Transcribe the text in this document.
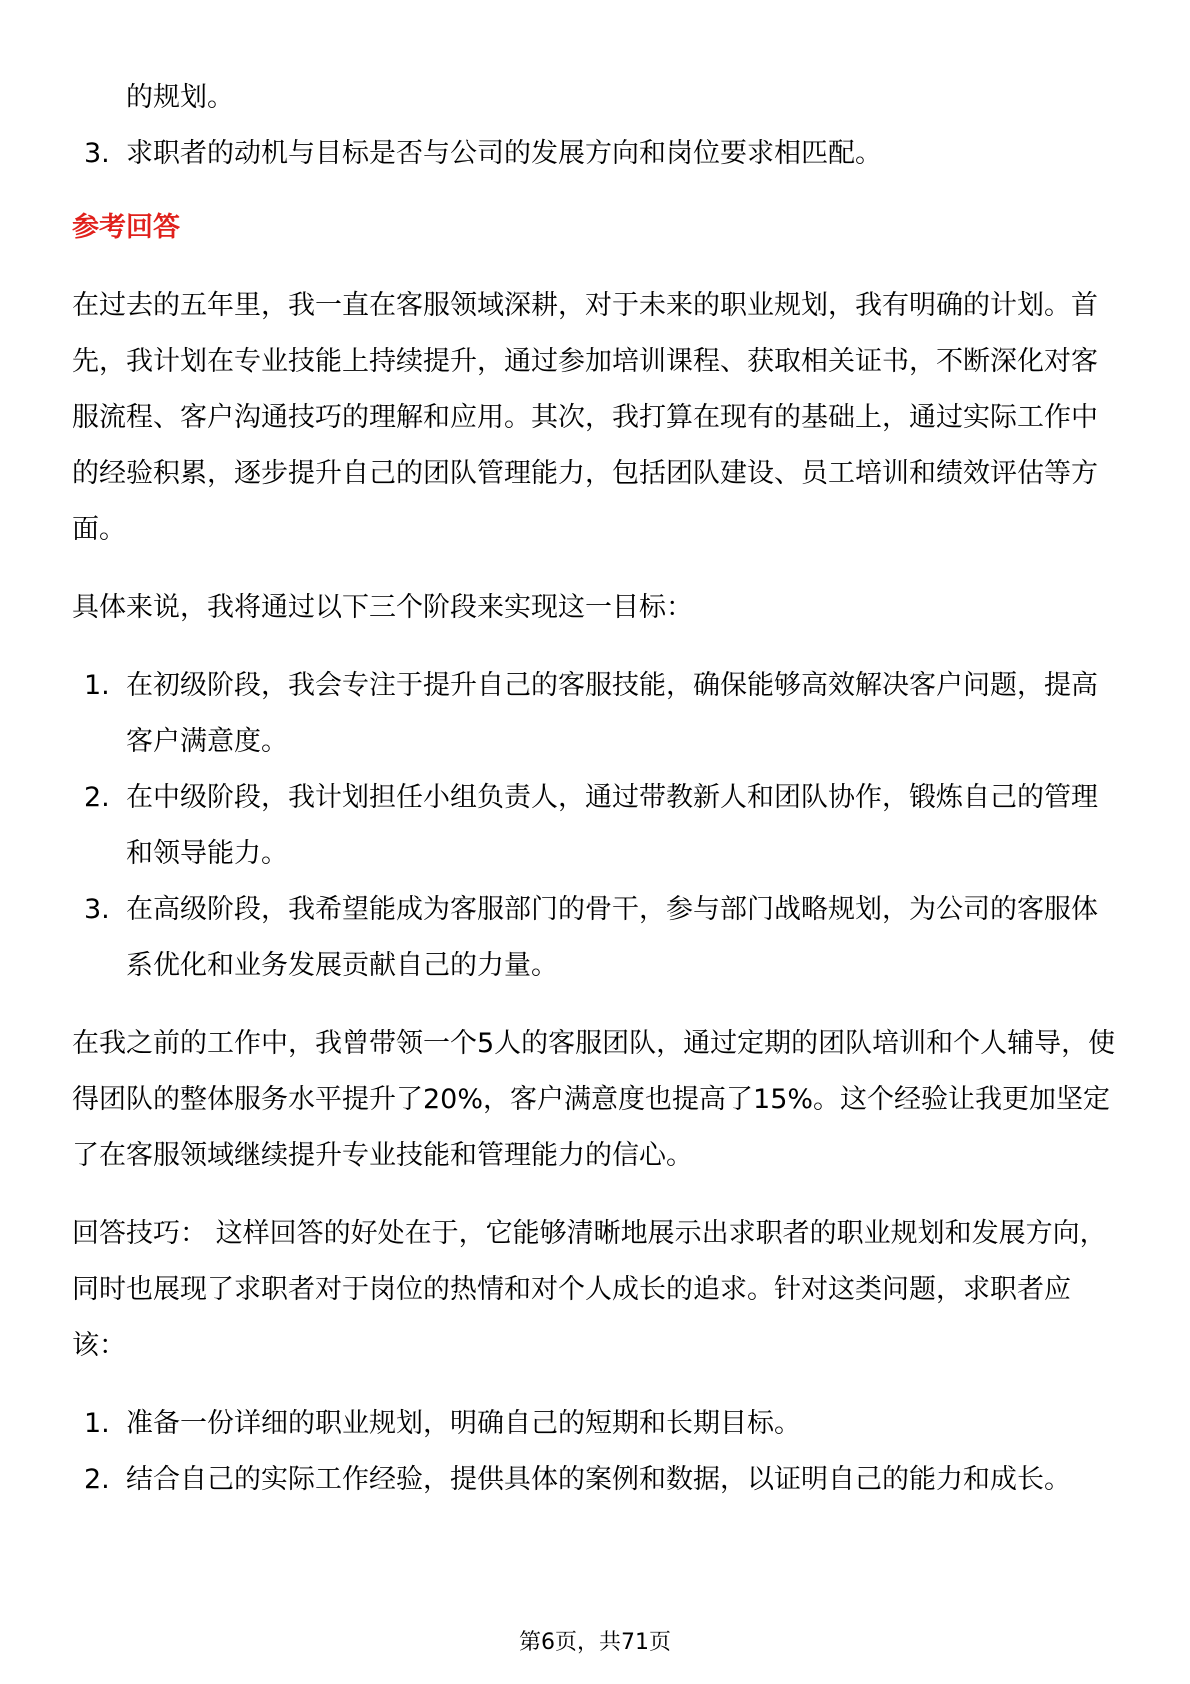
的规划。
3. 求职者的动机与目标是否与公司的发展方向和岗位要求相匹配。
参考回答

在过去的五年里，我一直在客服领域深耕，对于未来的职业规划，我有明确的计划。首先，我计划在专业技能上持续提升，通过参加培训课程、获取相关证书，不断深化对客服流程、客户沟通技巧的理解和应用。其次，我打算在现有的基础上，通过实际工作中的经验积累，逐步提升自己的团队管理能力，包括团队建设、员工培训和绩效评估等方面。

具体来说，我将通过以下三个阶段来实现这一目标：

1. 在初级阶段，我会专注于提升自己的客服技能，确保能够高效解决客户问题，提高客户满意度。
2. 在中级阶段，我计划担任小组负责人，通过带教新人和团队协作，锻炼自己的管理和领导能力。
3. 在高级阶段，我希望能成为客服部门的骨干，参与部门战略规划，为公司的客服体系优化和业务发展贡献自己的力量。

在我之前的工作中，我曾带领一个5人的客服团队，通过定期的团队培训和个人辅导，使得团队的整体服务水平提升了20%，客户满意度也提高了15%。这个经验让我更加坚定了在客服领域继续提升专业技能和管理能力的信心。

回答技巧： 这样回答的好处在于，它能够清晰地展示出求职者的职业规划和发展方向，同时也展现了求职者对于岗位的热情和对个人成长的追求。针对这类问题，求职者应该：

1. 准备一份详细的职业规划，明确自己的短期和长期目标。
2. 结合自己的实际工作经验，提供具体的案例和数据，以证明自己的能力和成长。
第6页，共71页
